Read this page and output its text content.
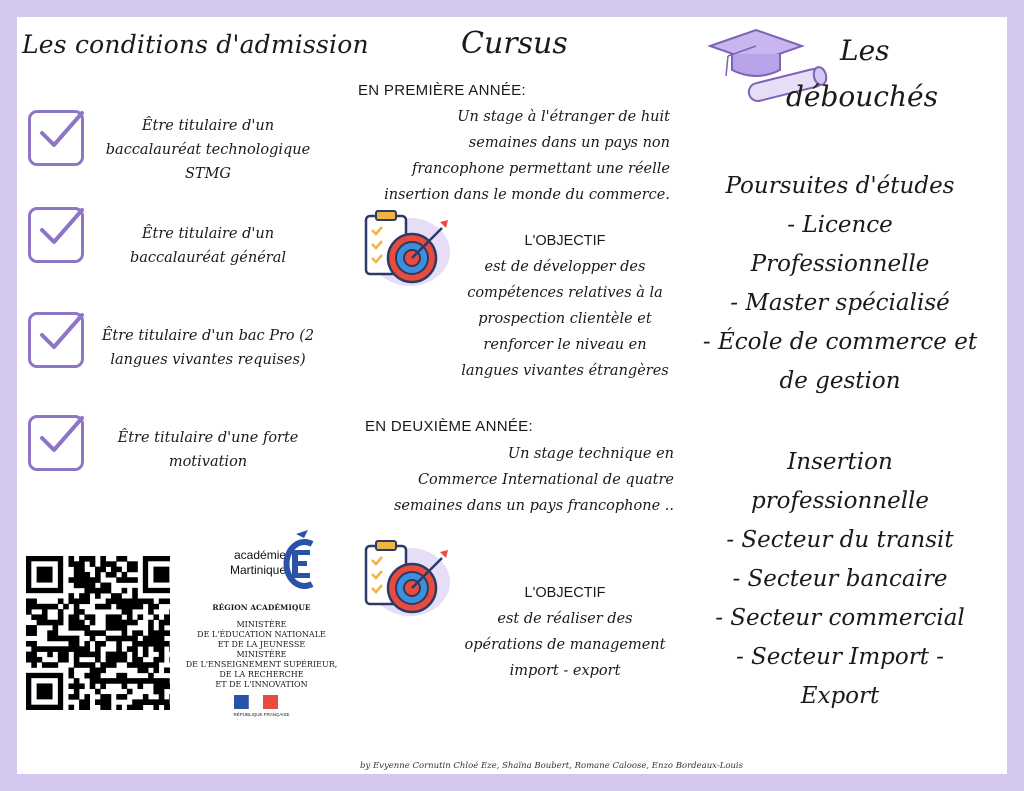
Les conditions d'admission
Être titulaire d'un
baccalauréat technologique
STMG
Être titulaire d'un
baccalauréat général
Être titulaire d'un bac Pro (2
langues vivantes requises)
Être titulaire d'une forte
motivation
académie
Martinique
RÉGION ACADÉMIQUE
MINISTÈRE
DE L'ÉDUCATION NATIONALE
ET DE LA JEUNESSE
MINISTÈRE
DE L'ENSEIGNEMENT SUPÉRIEUR,
DE LA RECHERCHE
ET DE L'INNOVATION
RÉPUBLIQUE FRANÇAISE
Cursus
EN PREMIÈRE ANNÉE:
Un stage à l'étranger de huit
semaines dans un pays non
francophone permettant une réelle
insertion dans le monde du commerce.
L'OBJECTIF
est de développer des
compétences relatives à la
prospection clientèle et
renforcer le niveau en
langues vivantes étrangères
EN DEUXIÈME ANNÉE:
Un stage technique en
Commerce International de quatre
semaines dans un pays francophone ..
L'OBJECTIF
est de réaliser des
opérations de management
import - export
Les
débouchés
Poursuites d'études
- Licence
Professionnelle
- Master spécialisé
- École de commerce et
de gestion
Insertion
professionnelle
- Secteur du transit
- Secteur bancaire
- Secteur commercial
- Secteur Import -
Export
by Evyenne Cornutin Chloé Eze, Shaïna Boubert, Romane Caloose, Enzo Bordeaux-Louis
